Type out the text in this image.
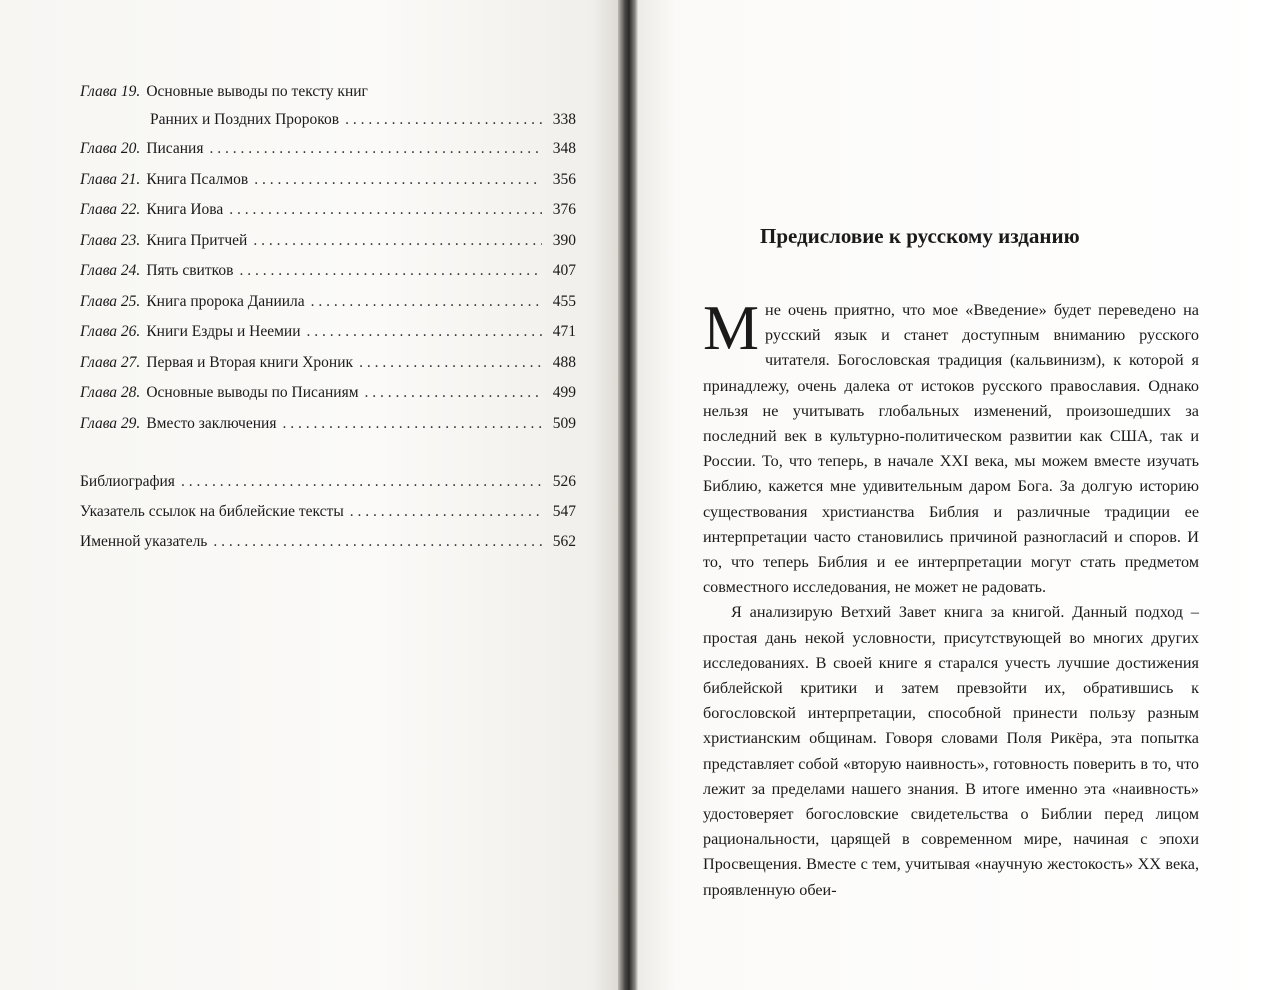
Глава 19. Основные выводы по тексту книг
Ранних и Поздних Пророков . . .	338
Глава 20. Писания . . .	348
Глава 21. Книга Псалмов . . .	356
Глава 22. Книга Иова . . .	376
Глава 23. Книга Притчей . . .	390
Глава 24. Пять свитков . . .	407
Глава 25. Книга пророка Даниила . . .	455
Глава 26. Книги Ездры и Неемии . . .	471
Глава 27. Первая и Вторая книги Хроник . . .	488
Глава 28. Основные выводы по Писаниям . . .	499
Глава 29. Вместо заключения . . .	509
Библиография . . .	526
Указатель ссылок на библейские тексты . . .	547
Именной указатель . . .	562
Предисловие к русскому изданию

Мне очень приятно, что мое «Введение» будет переведено на русский язык и станет доступным вниманию русского читателя. Богословская традиция (кальвинизм), к которой я принадлежу, очень далека от истоков русского православия. Однако нельзя не учитывать глобальных изменений, произошедших за последний век в культурно-политическом развитии как США, так и России. То, что теперь, в начале XXI века, мы можем вместе изучать Библию, кажется мне удивительным даром Бога. За долгую историю существования христианства Библия и различные традиции ее интерпретации часто становились причиной разногласий и споров. И то, что теперь Библия и ее интерпретации могут стать предметом совместного исследования, не может не радовать.

Я анализирую Ветхий Завет книга за книгой. Данный подход – простая дань некой условности, присутствующей во многих других исследованиях. В своей книге я старался учесть лучшие достижения библейской критики и затем превзойти их, обратившись к богословской интерпретации, способной принести пользу разным христианским общинам. Говоря словами Поля Рикёра, эта попытка представляет собой «вторую наивность», готовность поверить в то, что лежит за пределами нашего знания. В итоге именно эта «наивность» удостоверяет богословские свидетельства о Библии перед лицом рациональности, царящей в современном мире, начиная с эпохи Просвещения. Вместе с тем, учитывая «научную жестокость» XX века, проявленную обеи-
